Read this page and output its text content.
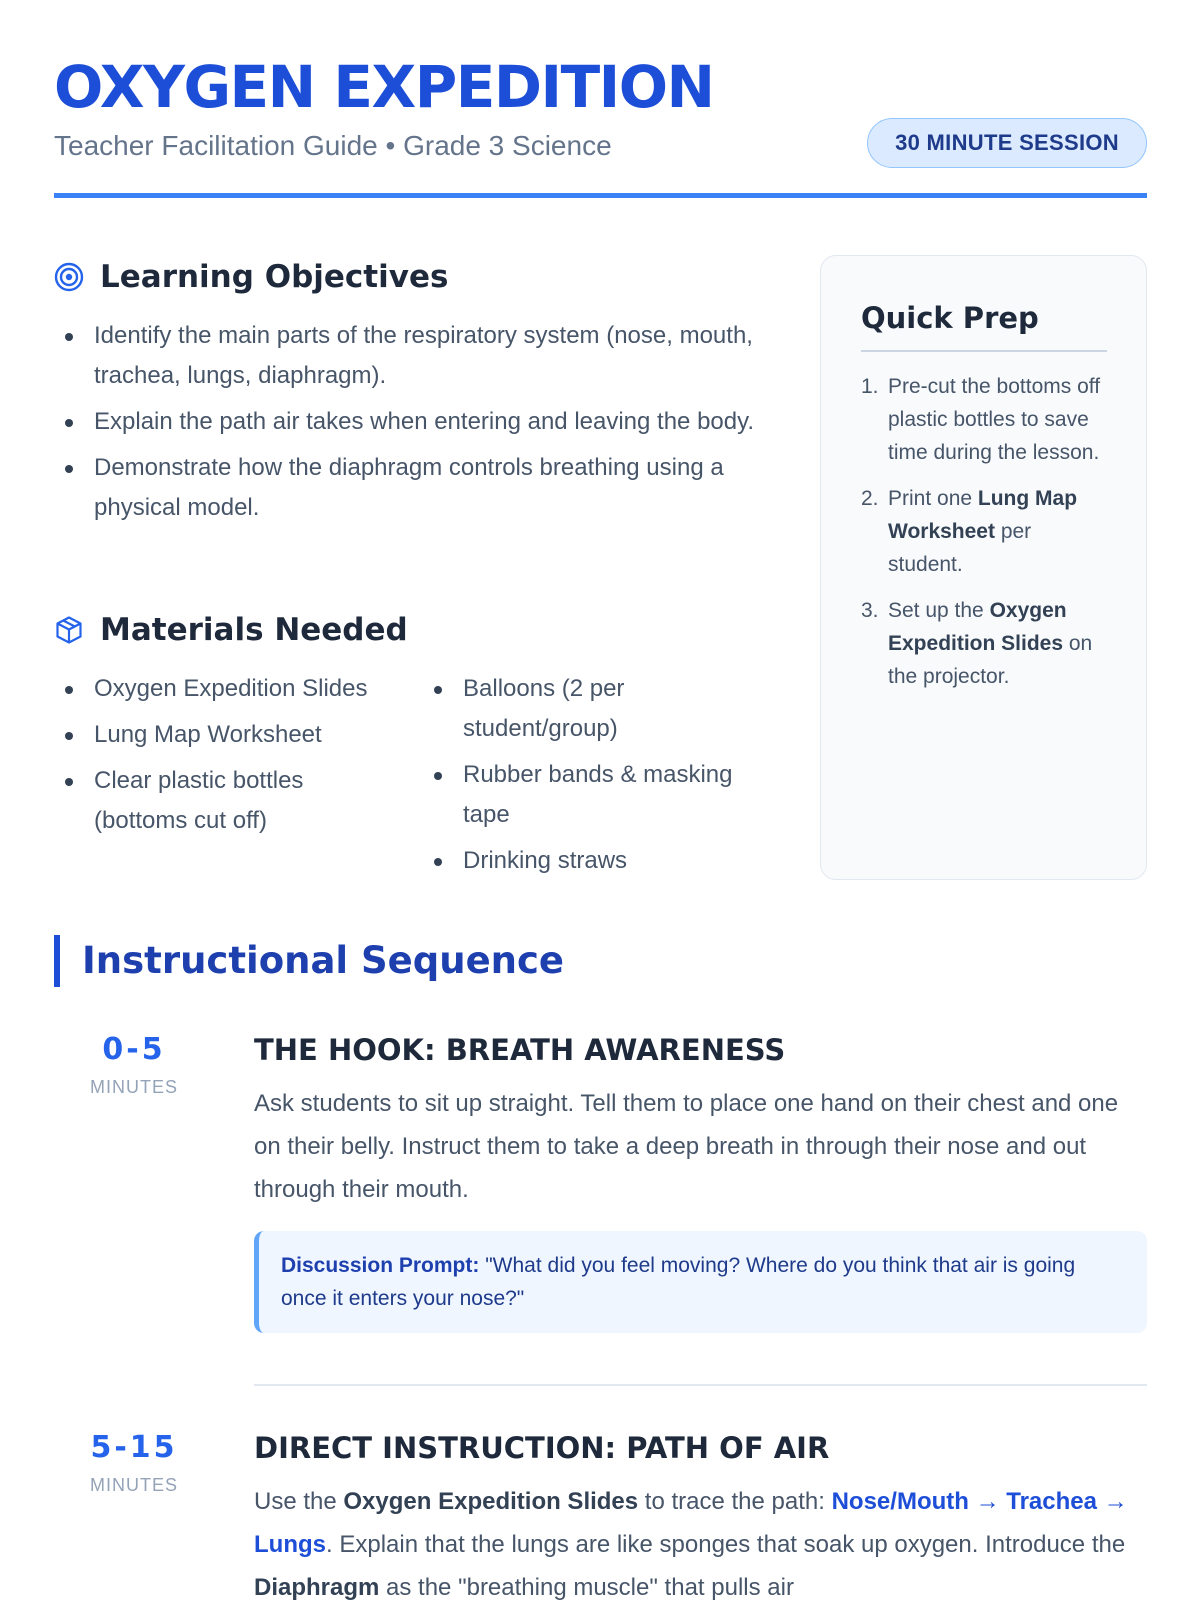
OXYGEN EXPEDITION
Teacher Facilitation Guide • Grade 3 Science	30 MINUTE SESSION
Learning Objectives
Identify the main parts of the respiratory system (nose, mouth, trachea, lungs, diaphragm).
Explain the path air takes when entering and leaving the body.
Demonstrate how the diaphragm controls breathing using a physical model.
Materials Needed
Oxygen Expedition Slides
Lung Map Worksheet
Clear plastic bottles (bottoms cut off)
Balloons (2 per student/group)
Rubber bands & masking tape
Drinking straws
Quick Prep
1. Pre-cut the bottoms off plastic bottles to save time during the lesson.
2. Print one Lung Map Worksheet per student.
3. Set up the Oxygen Expedition Slides on the projector.
Instructional Sequence
0-5
MINUTES
THE HOOK: BREATH AWARENESS
Ask students to sit up straight. Tell them to place one hand on their chest and one on their belly. Instruct them to take a deep breath in through their nose and out through their mouth.
Discussion Prompt: "What did you feel moving? Where do you think that air is going once it enters your nose?"
5-15
MINUTES
DIRECT INSTRUCTION: PATH OF AIR
Use the Oxygen Expedition Slides to trace the path: Nose/Mouth → Trachea → Lungs. Explain that the lungs are like sponges that soak up oxygen. Introduce the Diaphragm as the "breathing muscle" that pulls air
